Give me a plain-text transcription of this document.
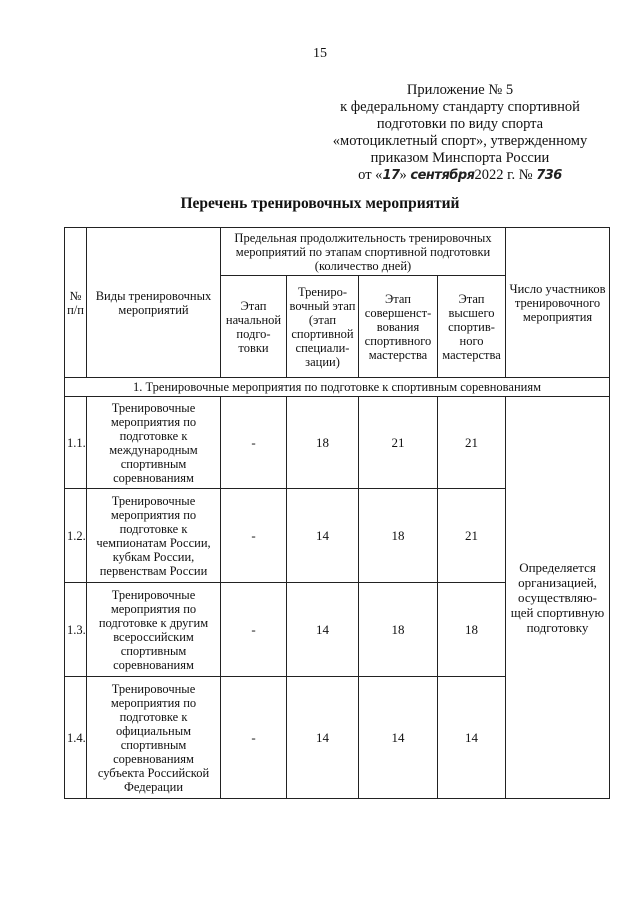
15
Приложение № 5
к федеральному стандарту спортивной
подготовки по виду спорта
«мотоциклетный спорт», утвержденному
приказом Минспорта России
от «17» сентября2022 г. № 736
Перечень тренировочных мероприятий
№ п/п	Виды тренировочных мероприятий	Предельная продолжительность тренировочных мероприятий по этапам спортивной подготовки (количество дней)				Число участников тренировочного мероприятия
		Этап начальной подго-товки	Трениро-вочный этап (этап спортивной специали-зации)	Этап совершенст-вования спортивного мастерства	Этап высшего спортив-ного мастерства	
1. Тренировочные мероприятия по подготовке к спортивным соревнованиям						
1.1.	Тренировочные мероприятия по подготовке к международным спортивным соревнованиям	-	18	21	21	Определяется организацией, осуществляю-щей спортивную подготовку
1.2.	Тренировочные мероприятия по подготовке к чемпионатам России, кубкам России, первенствам России	-	14	18	21	
1.3.	Тренировочные мероприятия по подготовке к другим всероссийским спортивным соревнованиям	-	14	18	18	
1.4.	Тренировочные мероприятия по подготовке к официальным спортивным соревнованиям субъекта Российской Федерации	-	14	14	14	
